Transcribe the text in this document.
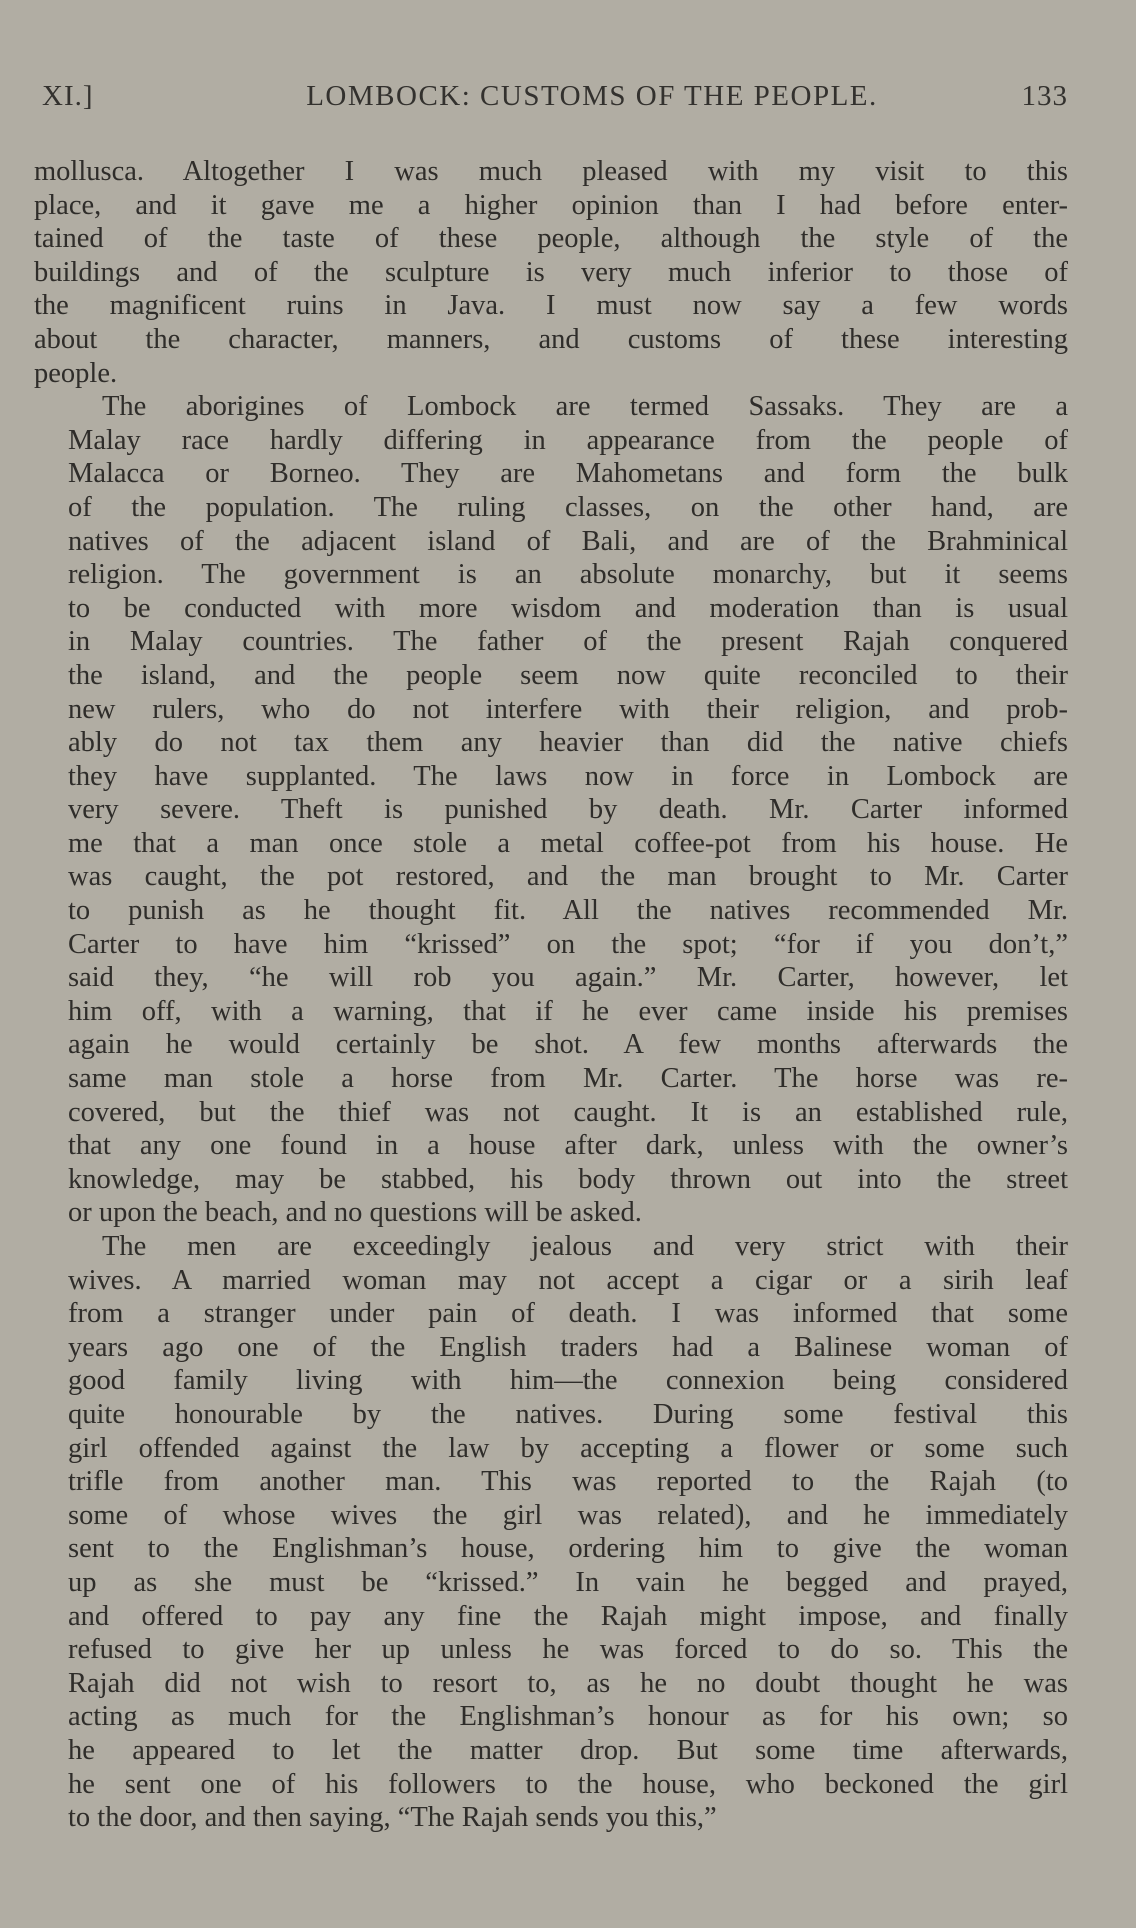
XI.]	LOMBOCK: CUSTOMS OF THE PEOPLE.	133
mollusca. Altogether I was much pleased with my visit to this
place, and it gave me a higher opinion than I had before enter-
tained of the taste of these people, although the style of the
buildings and of the sculpture is very much inferior to those of
the magnificent ruins in Java. I must now say a few words
about the character, manners, and customs of these interesting
people.
The aborigines of Lombock are termed Sassaks. They are a
Malay race hardly differing in appearance from the people of
Malacca or Borneo. They are Mahometans and form the bulk
of the population. The ruling classes, on the other hand, are
natives of the adjacent island of Bali, and are of the Brahminical
religion. The government is an absolute monarchy, but it seems
to be conducted with more wisdom and moderation than is usual
in Malay countries. The father of the present Rajah conquered
the island, and the people seem now quite reconciled to their
new rulers, who do not interfere with their religion, and prob-
ably do not tax them any heavier than did the native chiefs
they have supplanted. The laws now in force in Lombock are
very severe. Theft is punished by death. Mr. Carter informed
me that a man once stole a metal coffee-pot from his house. He
was caught, the pot restored, and the man brought to Mr. Carter
to punish as he thought fit. All the natives recommended Mr.
Carter to have him “krissed” on the spot; “for if you don’t,”
said they, “he will rob you again.” Mr. Carter, however, let
him off, with a warning, that if he ever came inside his premises
again he would certainly be shot. A few months afterwards the
same man stole a horse from Mr. Carter. The horse was re-
covered, but the thief was not caught. It is an established rule,
that any one found in a house after dark, unless with the owner’s
knowledge, may be stabbed, his body thrown out into the street
or upon the beach, and no questions will be asked.
The men are exceedingly jealous and very strict with their
wives. A married woman may not accept a cigar or a sirih leaf
from a stranger under pain of death. I was informed that some
years ago one of the English traders had a Balinese woman of
good family living with him—the connexion being considered
quite honourable by the natives. During some festival this
girl offended against the law by accepting a flower or some such
trifle from another man. This was reported to the Rajah (to
some of whose wives the girl was related), and he immediately
sent to the Englishman’s house, ordering him to give the woman
up as she must be “krissed.” In vain he begged and prayed,
and offered to pay any fine the Rajah might impose, and finally
refused to give her up unless he was forced to do so. This the
Rajah did not wish to resort to, as he no doubt thought he was
acting as much for the Englishman’s honour as for his own; so
he appeared to let the matter drop. But some time afterwards,
he sent one of his followers to the house, who beckoned the girl
to the door, and then saying, “The Rajah sends you this,”
